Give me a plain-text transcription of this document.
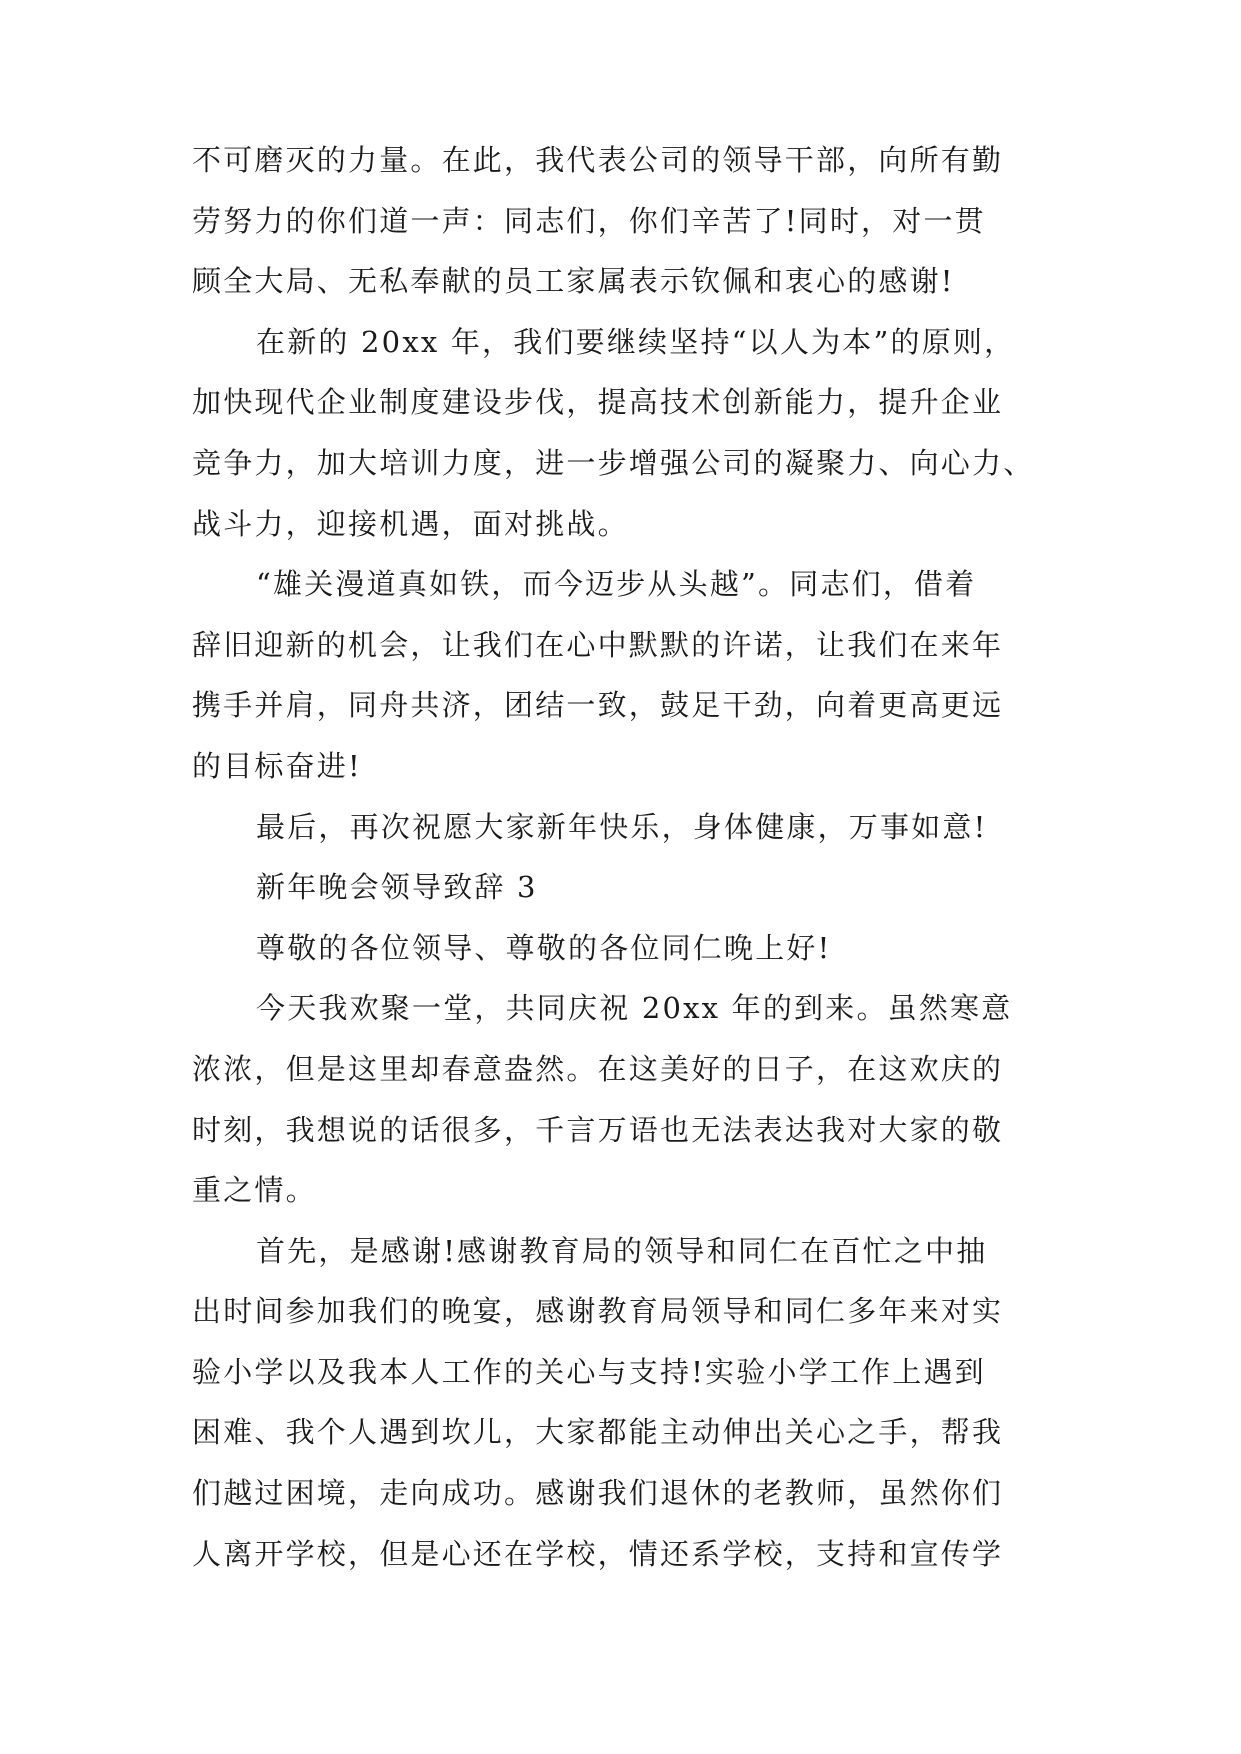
不可磨灭的力量。在此，我代表公司的领导干部，向所有勤
劳努力的你们道一声：同志们，你们辛苦了!同时，对一贯
顾全大局、无私奉献的员工家属表示钦佩和衷心的感谢!
在新的 20xx 年，我们要继续坚持“以人为本”的原则，
加快现代企业制度建设步伐，提高技术创新能力，提升企业
竞争力，加大培训力度，进一步增强公司的凝聚力、向心力、
战斗力，迎接机遇，面对挑战。
“雄关漫道真如铁，而今迈步从头越”。同志们，借着
辞旧迎新的机会，让我们在心中默默的许诺，让我们在来年
携手并肩，同舟共济，团结一致，鼓足干劲，向着更高更远
的目标奋进!
最后，再次祝愿大家新年快乐，身体健康，万事如意!
新年晚会领导致辞 3
尊敬的各位领导、尊敬的各位同仁晚上好!
今天我欢聚一堂，共同庆祝 20xx 年的到来。虽然寒意
浓浓，但是这里却春意盎然。在这美好的日子，在这欢庆的
时刻，我想说的话很多，千言万语也无法表达我对大家的敬
重之情。
首先，是感谢!感谢教育局的领导和同仁在百忙之中抽
出时间参加我们的晚宴，感谢教育局领导和同仁多年来对实
验小学以及我本人工作的关心与支持!实验小学工作上遇到
困难、我个人遇到坎儿，大家都能主动伸出关心之手，帮我
们越过困境，走向成功。感谢我们退休的老教师，虽然你们
人离开学校，但是心还在学校，情还系学校，支持和宣传学
